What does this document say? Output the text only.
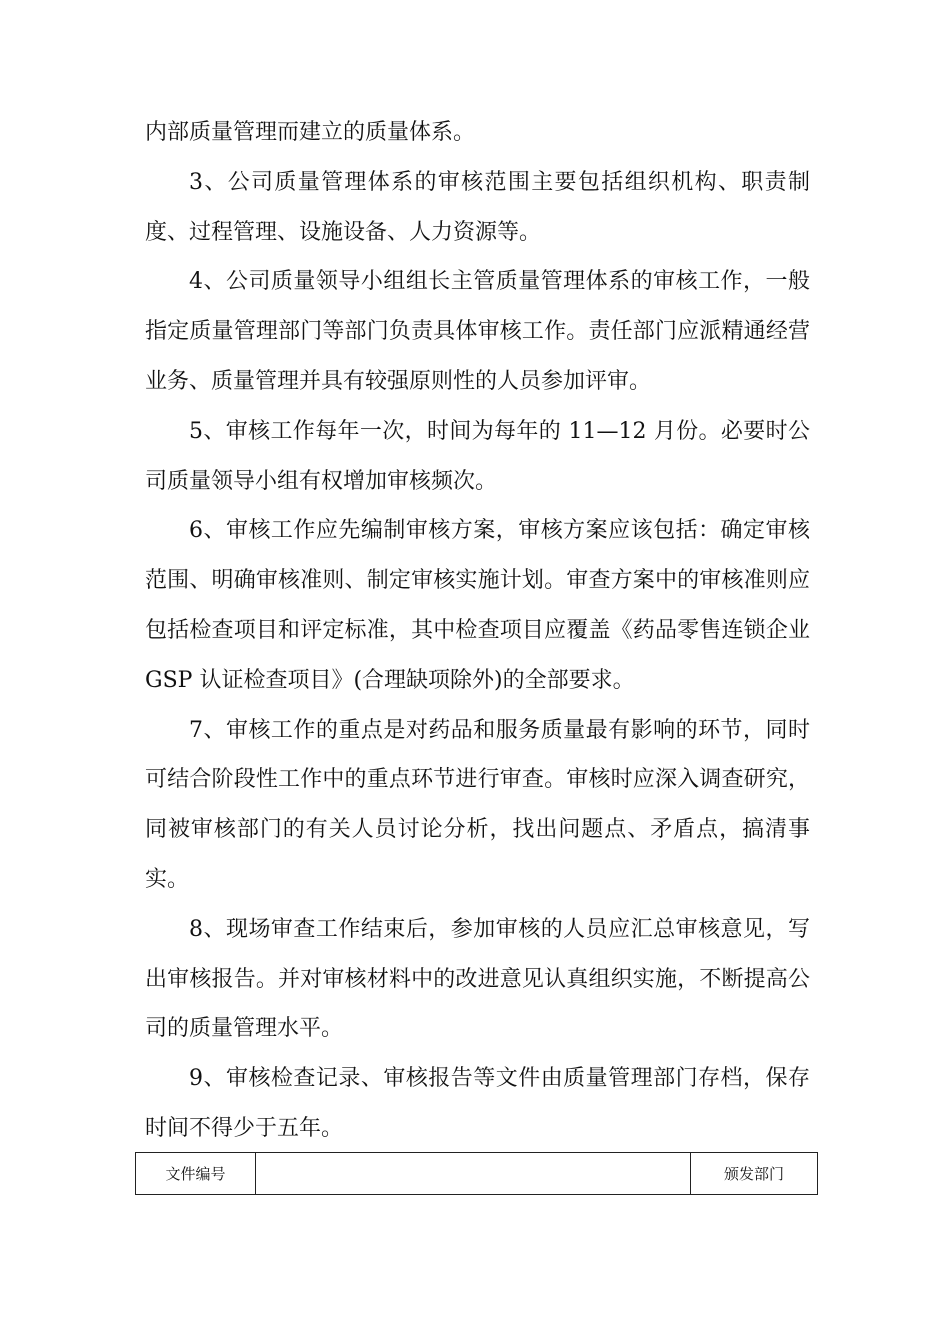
内部质量管理而建立的质量体系。

3、公司质量管理体系的审核范围主要包括组织机构、职责制度、过程管理、设施设备、人力资源等。

4、公司质量领导小组组长主管质量管理体系的审核工作，一般指定质量管理部门等部门负责具体审核工作。责任部门应派精通经营业务、质量管理并具有较强原则性的人员参加评审。

5、审核工作每年一次，时间为每年的 11—12 月份。必要时公司质量领导小组有权增加审核频次。

6、审核工作应先编制审核方案，审核方案应该包括：确定审核范围、明确审核准则、制定审核实施计划。审查方案中的审核准则应包括检查项目和评定标准，其中检查项目应覆盖《药品零售连锁企业GSP 认证检查项目》(合理缺项除外)的全部要求。

7、审核工作的重点是对药品和服务质量最有影响的环节，同时可结合阶段性工作中的重点环节进行审查。审核时应深入调查研究，同被审核部门的有关人员讨论分析，找出问题点、矛盾点，搞清事实。

8、现场审查工作结束后，参加审核的人员应汇总审核意见，写出审核报告。并对审核材料中的改进意见认真组织实施，不断提高公司的质量管理水平。

9、审核检查记录、审核报告等文件由质量管理部门存档，保存时间不得少于五年。

文件编号		颁发部门
